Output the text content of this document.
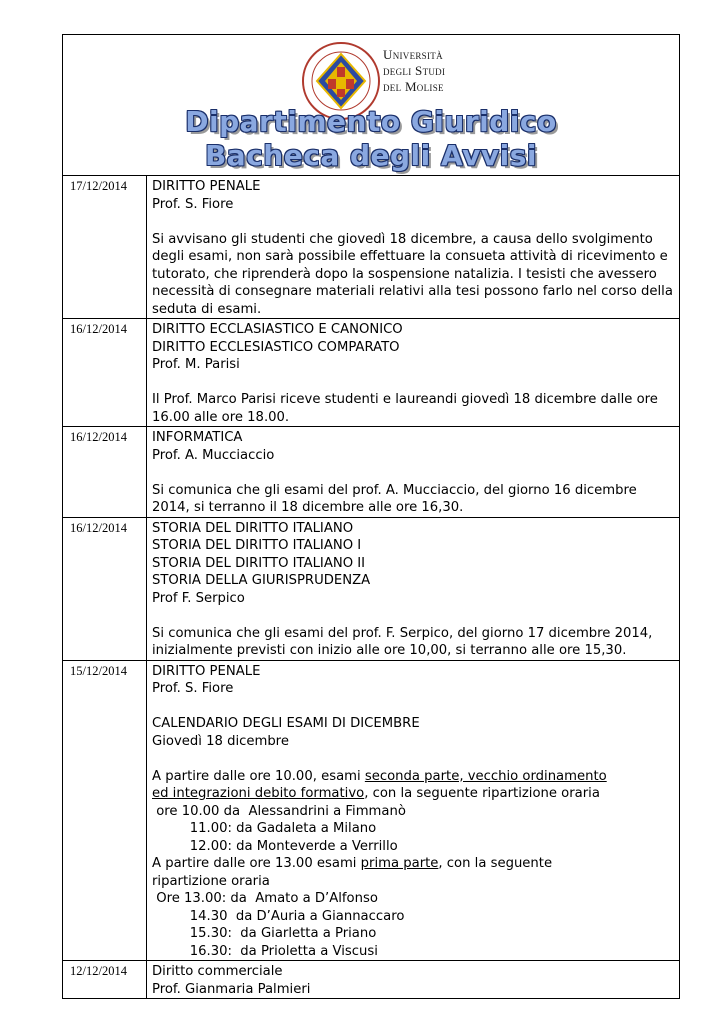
Università
degli Studi
del Molise
Dipartimento Giuridico
Bacheca degli Avvisi
17/12/2014	DIRITTO PENALE
Prof. S. Fiore
Si avvisano gli studenti che giovedì 18 dicembre, a causa dello svolgimento degli esami, non sarà possibile effettuare la consueta attività di ricevimento e tutorato, che riprenderà dopo la sospensione natalizia. I tesisti che avessero necessità di consegnare materiali relativi alla tesi possono farlo nel corso della seduta di esami.
16/12/2014	DIRITTO ECCLASIASTICO E CANONICO
DIRITTO ECCLESIASTICO COMPARATO
Prof. M. Parisi
Il Prof. Marco Parisi riceve studenti e laureandi giovedì 18 dicembre dalle ore 16.00 alle ore 18.00.
16/12/2014	INFORMATICA
Prof. A. Mucciaccio
Si comunica che gli esami del prof. A. Mucciaccio, del giorno 16 dicembre 2014, si terranno il 18 dicembre alle ore 16,30.
16/12/2014	STORIA DEL DIRITTO ITALIANO
STORIA DEL DIRITTO ITALIANO I
STORIA DEL DIRITTO ITALIANO II
STORIA DELLA GIURISPRUDENZA
Prof F. Serpico
Si comunica che gli esami del prof. F. Serpico, del giorno 17 dicembre 2014, inizialmente previsti con inizio alle ore 10,00, si terranno alle ore 15,30.
15/12/2014	DIRITTO PENALE
Prof. S. Fiore
CALENDARIO DEGLI ESAMI DI DICEMBRE
Giovedì 18 dicembre
A partire dalle ore 10.00, esami seconda parte, vecchio ordinamento
ed integrazioni debito formativo, con la seguente ripartizione oraria
ore 10.00 da  Alessandrini a Fimmanò
11.00: da Gadaleta a Milano
12.00: da Monteverde a Verrillo
A partire dalle ore 13.00 esami prima parte, con la seguente
ripartizione oraria
Ore 13.00: da  Amato a D’Alfonso
14.30  da D’Auria a Giannaccaro
15.30:  da Giarletta a Priano
16.30:  da Prioletta a Viscusi
12/12/2014	Diritto commerciale
Prof. Gianmaria Palmieri
